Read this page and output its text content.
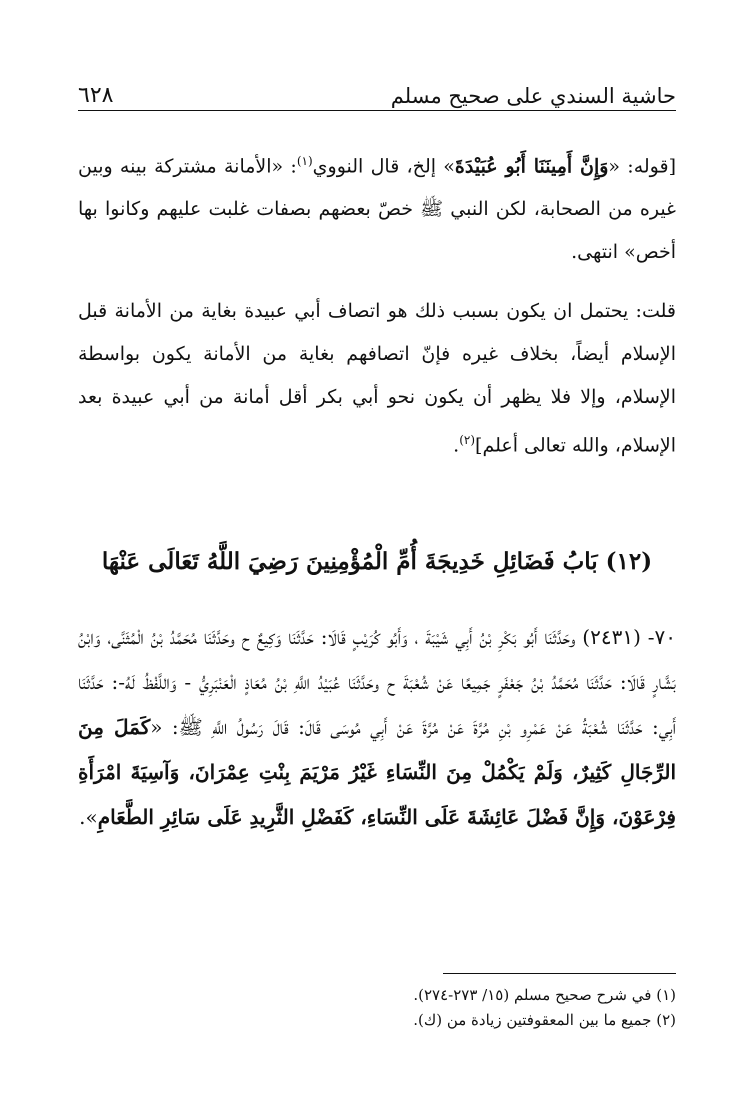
حاشية السندي على صحيح مسلم
٦٢٨

[قوله: «وَإِنَّ أَمِينَنَا أَبُو عُبَيْدَةَ» إلخ، قال النووي$^{(١)}$: «الأمانة مشتركة بينه وبين غيره من الصحابة، لكن النبي ﷺ خصّ بعضهم بصفات غلبت عليهم وكانوا بها أخص» انتهى.

قلت: يحتمل ان يكون بسبب ذلك هو اتصاف أبي عبيدة بغاية من الأمانة قبل الإسلام أيضاً، بخلاف غيره فإنّ اتصافهم بغاية من الأمانة يكون بواسطة الإسلام، وإلا فلا يظهر أن يكون نحو أبي بكر أقل أمانة من أبي عبيدة بعد الإسلام، والله تعالى أعلم]$^{(٢)}$.

(١٢) بَابُ فَضَائِلِ خَدِيجَةَ أُمِّ الْمُؤْمِنِينَ رَضِيَ اللَّهُ تَعَالَى عَنْهَا

٧٠- (٢٤٣١) وحَدَّثَنَا أَبُو بَكْرِ بْنُ أَبِي شَيْبَةَ ، وَأَبُو كُرَيْبٍ قَالَا: حَدَّثَنَا وَكِيعٌ ح وحَدَّثَنَا مُحَمَّدُ بْنُ الْمُثَنَّى، وَابْنُ بَشَّارٍ قَالَا: حَدَّثَنَا مُحَمَّدُ بْنُ جَعْفَرٍ جَمِيعًا عَنْ شُعْبَةَ ح وحَدَّثَنَا عُبَيْدُ اللَّهِ بْنُ مُعَاذٍ الْعَنْبَرِيُّ - وَاللَّفْظُ لَهُ-: حَدَّثَنَا أَبِي: حَدَّثَنَا شُعْبَةُ عَنْ عَمْرِو بْنِ مُرَّةَ عَنْ مُرَّةَ عَنْ أَبِي مُوسَى قَالَ: قَالَ رَسُولُ اللَّهِ ﷺ: «كَمَلَ مِنَ الرِّجَالِ كَثِيرٌ، وَلَمْ يَكْمُلْ مِنَ النِّسَاءِ غَيْرُ مَرْيَمَ بِنْتِ عِمْرَانَ، وَآسِيَةَ امْرَأَةِ فِرْعَوْنَ، وَإِنَّ فَضْلَ عَائِشَةَ عَلَى النِّسَاءِ، كَفَضْلِ الثَّرِيدِ عَلَى سَائِرِ الطَّعَامِ».

(١) في شرح صحيح مسلم (١٥/ ٢٧٣-٢٧٤).

(٢) جميع ما بين المعقوفتين زيادة من (ك).
